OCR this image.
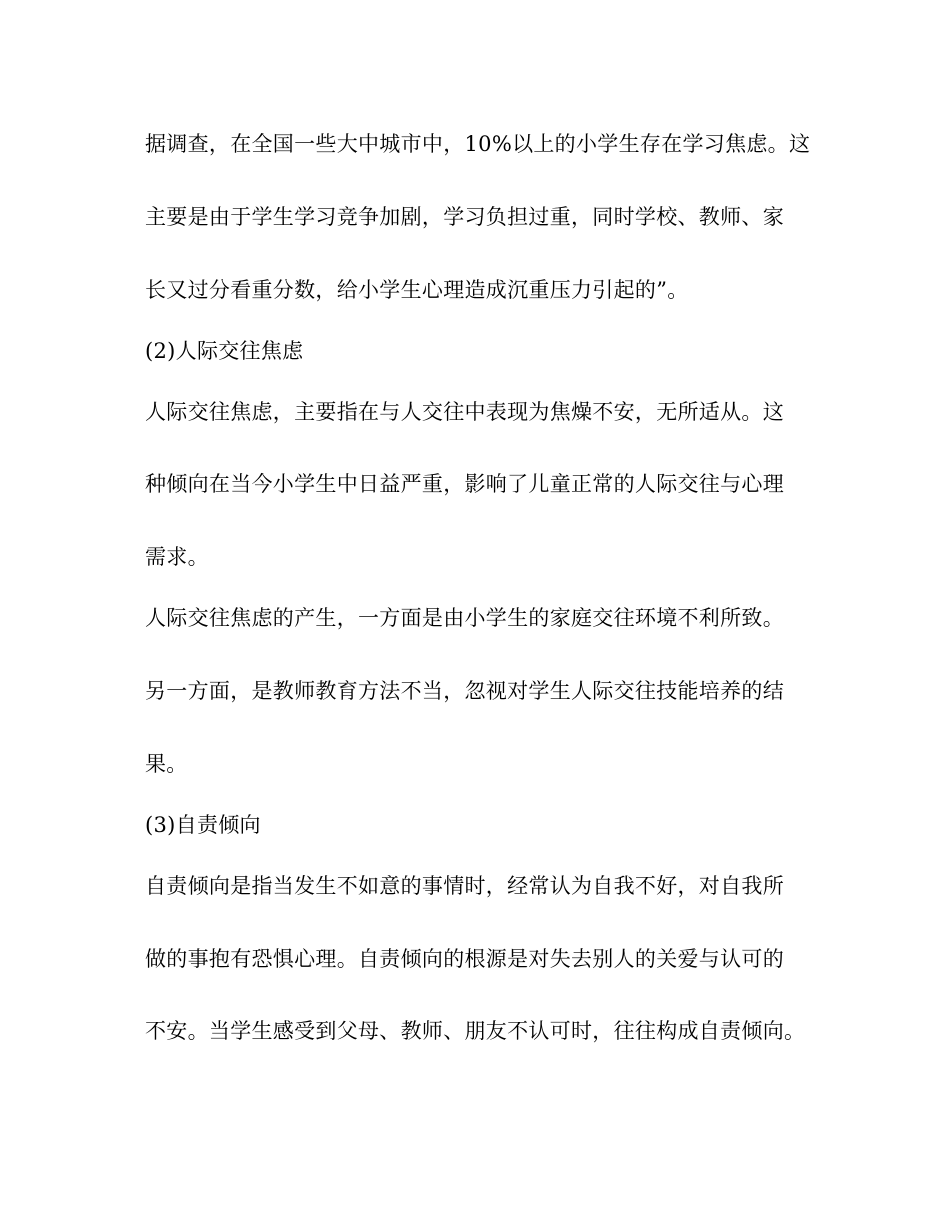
据调查，在全国一些大中城市中，10%以上的小学生存在学习焦虑。这
主要是由于学生学习竞争加剧，学习负担过重，同时学校、教师、家
长又过分看重分数，给小学生心理造成沉重压力引起的”。
(2)人际交往焦虑
人际交往焦虑，主要指在与人交往中表现为焦燥不安，无所适从。这
种倾向在当今小学生中日益严重，影响了儿童正常的人际交往与心理
需求。
人际交往焦虑的产生，一方面是由小学生的家庭交往环境不利所致。
另一方面，是教师教育方法不当，忽视对学生人际交往技能培养的结
果。
(3)自责倾向
自责倾向是指当发生不如意的事情时，经常认为自我不好，对自我所
做的事抱有恐惧心理。自责倾向的根源是对失去别人的关爱与认可的
不安。当学生感受到父母、教师、朋友不认可时，往往构成自责倾向。
